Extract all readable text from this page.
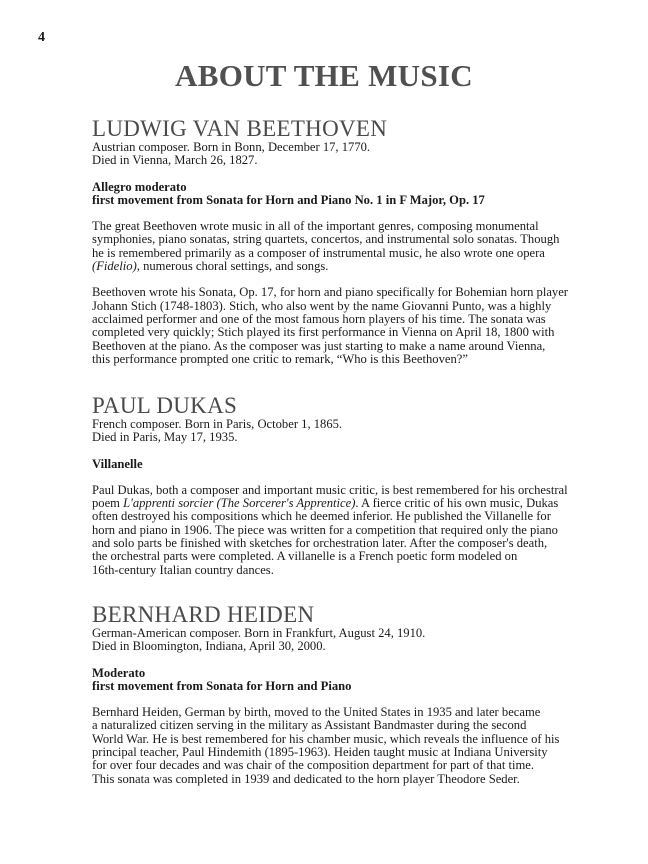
4
ABOUT THE MUSIC
LUDWIG VAN BEETHOVEN
Austrian composer. Born in Bonn, December 17, 1770.
Died in Vienna, March 26, 1827.
Allegro moderato
first movement from Sonata for Horn and Piano No. 1 in F Major, Op. 17
The great Beethoven wrote music in all of the important genres, composing monumental
symphonies, piano sonatas, string quartets, concertos, and instrumental solo sonatas. Though
he is remembered primarily as a composer of instrumental music, he also wrote one opera
(Fidelio), numerous choral settings, and songs.
Beethoven wrote his Sonata, Op. 17, for horn and piano specifically for Bohemian horn player
Johann Stich (1748-1803). Stich, who also went by the name Giovanni Punto, was a highly
acclaimed performer and one of the most famous horn players of his time. The sonata was
completed very quickly; Stich played its first performance in Vienna on April 18, 1800 with
Beethoven at the piano. As the composer was just starting to make a name around Vienna,
this performance prompted one critic to remark, “Who is this Beethoven?”
PAUL DUKAS
French composer. Born in Paris, October 1, 1865.
Died in Paris, May 17, 1935.
Villanelle
Paul Dukas, both a composer and important music critic, is best remembered for his orchestral
poem L'apprenti sorcier (The Sorcerer's Apprentice). A fierce critic of his own music, Dukas
often destroyed his compositions which he deemed inferior. He published the Villanelle for
horn and piano in 1906. The piece was written for a competition that required only the piano
and solo parts be finished with sketches for orchestration later. After the composer's death,
the orchestral parts were completed. A villanelle is a French poetic form modeled on
16th-century Italian country dances.
BERNHARD HEIDEN
German-American composer. Born in Frankfurt, August 24, 1910.
Died in Bloomington, Indiana, April 30, 2000.
Moderato
first movement from Sonata for Horn and Piano
Bernhard Heiden, German by birth, moved to the United States in 1935 and later became
a naturalized citizen serving in the military as Assistant Bandmaster during the second
World War. He is best remembered for his chamber music, which reveals the influence of his
principal teacher, Paul Hindemith (1895-1963). Heiden taught music at Indiana University
for over four decades and was chair of the composition department for part of that time.
This sonata was completed in 1939 and dedicated to the horn player Theodore Seder.
